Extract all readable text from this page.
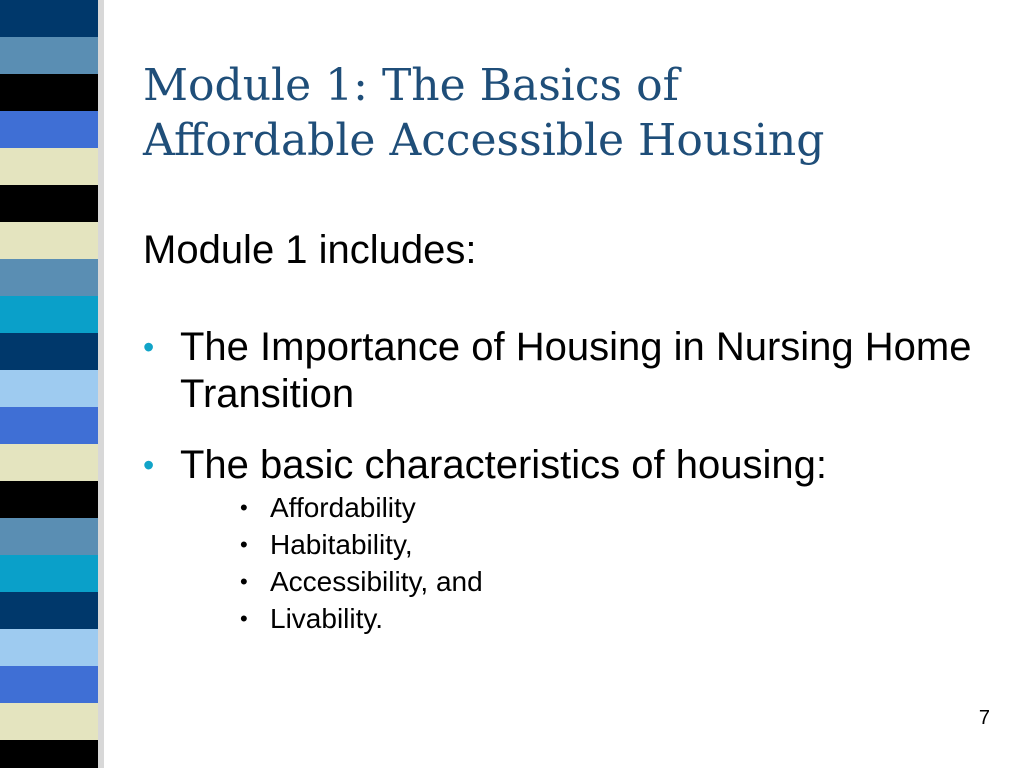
Module 1: The Basics of
Affordable Accessible Housing

Module 1 includes:

• The Importance of Housing in Nursing Home Transition
• The basic characteristics of housing:
• Affordability
• Habitability,
• Accessibility, and
• Livability.
7
